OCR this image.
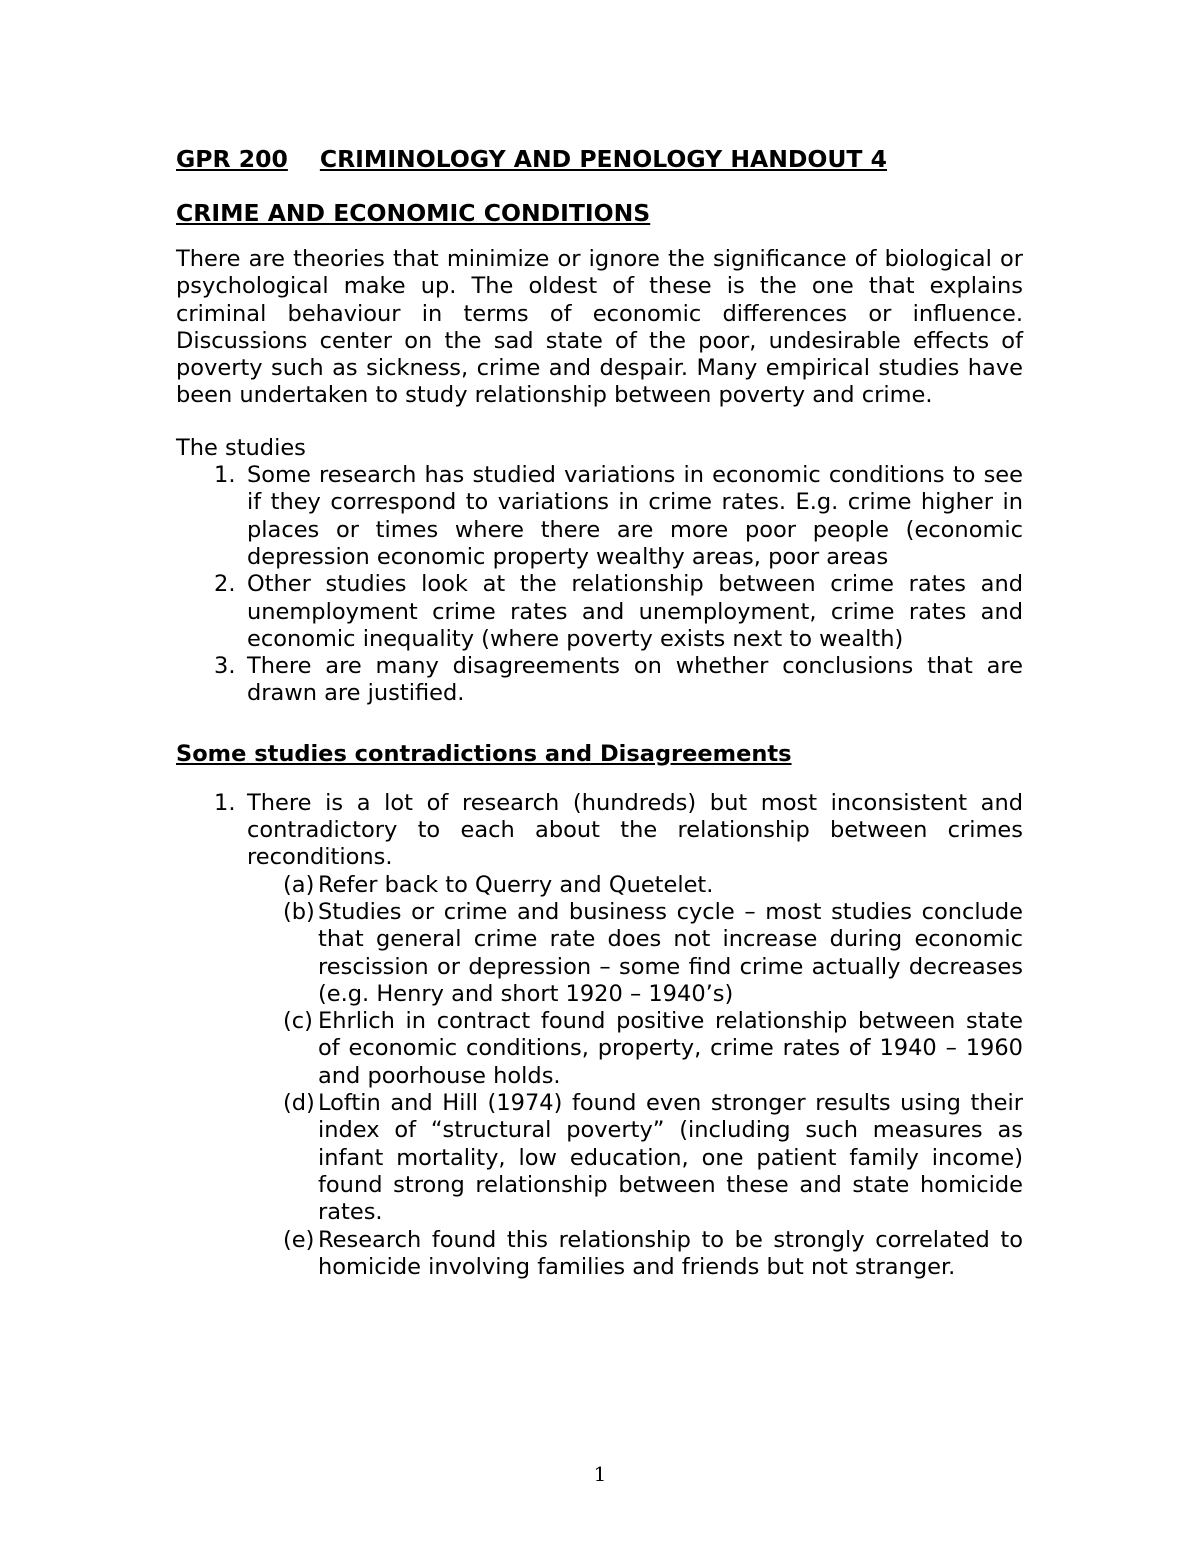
GPR 200 CRIMINOLOGY AND PENOLOGY HANDOUT 4
CRIME AND ECONOMIC CONDITIONS

There are theories that minimize or ignore the significance of biological or psychological make up. The oldest of these is the one that explains criminal behaviour in terms of economic differences or influence. Discussions center on the sad state of the poor, undesirable effects of poverty such as sickness, crime and despair. Many empirical studies have been undertaken to study relationship between poverty and crime.

The studies
1. Some research has studied variations in economic conditions to see if they correspond to variations in crime rates. E.g. crime higher in places or times where there are more poor people (economic depression economic property wealthy areas, poor areas
2. Other studies look at the relationship between crime rates and unemployment crime rates and unemployment, crime rates and economic inequality (where poverty exists next to wealth)
3. There are many disagreements on whether conclusions that are drawn are justified.
Some studies contradictions and Disagreements
1. There is a lot of research (hundreds) but most inconsistent and contradictory to each about the relationship between crimes reconditions.
(a) Refer back to Querry and Quetelet.
(b) Studies or crime and business cycle – most studies conclude that general crime rate does not increase during economic rescission or depression – some find crime actually decreases (e.g. Henry and short 1920 – 1940’s)
(c) Ehrlich in contract found positive relationship between state of economic conditions, property, crime rates of 1940 – 1960 and poorhouse holds.
(d) Loftin and Hill (1974) found even stronger results using their index of “structural poverty” (including such measures as infant mortality, low education, one patient family income) found strong relationship between these and state homicide rates.
(e) Research found this relationship to be strongly correlated to homicide involving families and friends but not stranger.
1
